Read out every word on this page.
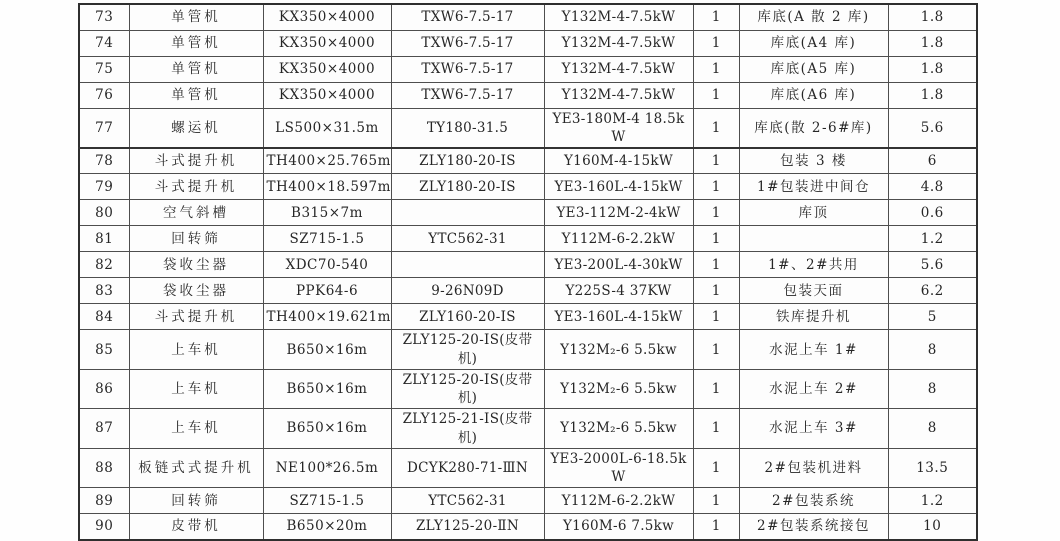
73	单管机	KX350×4000	TXW6-7.5-17	Y132M-4-7.5kW	1	库底(A 散 2 库)	1.8
74	单管机	KX350×4000	TXW6-7.5-17	Y132M-4-7.5kW	1	库底(A4 库)	1.8
75	单管机	KX350×4000	TXW6-7.5-17	Y132M-4-7.5kW	1	库底(A5 库)	1.8
76	单管机	KX350×4000	TXW6-7.5-17	Y132M-4-7.5kW	1	库底(A6 库)	1.8
77	螺运机	LS500×31.5m	TY180-31.5	YE3-180M-4 18.5kW	1	库底(散 2-6#库)	5.6
78	斗式提升机	TH400×25.765m	ZLY180-20-ⅠS	Y160M-4-15kW	1	包装 3 楼	6
79	斗式提升机	TH400×18.597m	ZLY180-20-ⅠS	YE3-160L-4-15kW	1	1#包装进中间仓	4.8
80	空气斜槽	B315×7m		YE3-112M-2-4kW	1	库顶	0.6
81	回转筛	SZ715-1.5	YTC562-31	Y112M-6-2.2kW	1		1.2
82	袋收尘器	XDC70-540		YE3-200L-4-30kW	1	1#、2#共用	5.6
83	袋收尘器	PPK64-6	9-26N09D	Y225S-4 37KW	1	包装天面	6.2
84	斗式提升机	TH400×19.621m	ZLY160-20-ⅠS	YE3-160L-4-15kW	1	铁库提升机	5
85	上车机	B650×16m	ZLY125-20-ⅠS(皮带机)	Y132M₂-6 5.5kw	1	水泥上车 1#	8
86	上车机	B650×16m	ZLY125-20-ⅠS(皮带机)	Y132M₂-6 5.5kw	1	水泥上车 2#	8
87	上车机	B650×16m	ZLY125-21-ⅠS(皮带机)	Y132M₂-6 5.5kw	1	水泥上车 3#	8
88	板链式式提升机	NE100*26.5m	DCYK280-71-ⅢN	YE3-2000L-6-18.5kW	1	2#包装机进料	13.5
89	回转筛	SZ715-1.5	YTC562-31	Y112M-6-2.2kW	1	2#包装系统	1.2
90	皮带机	B650×20m	ZLY125-20-ⅡN	Y160M-6 7.5kw	1	2#包装系统接包	10
